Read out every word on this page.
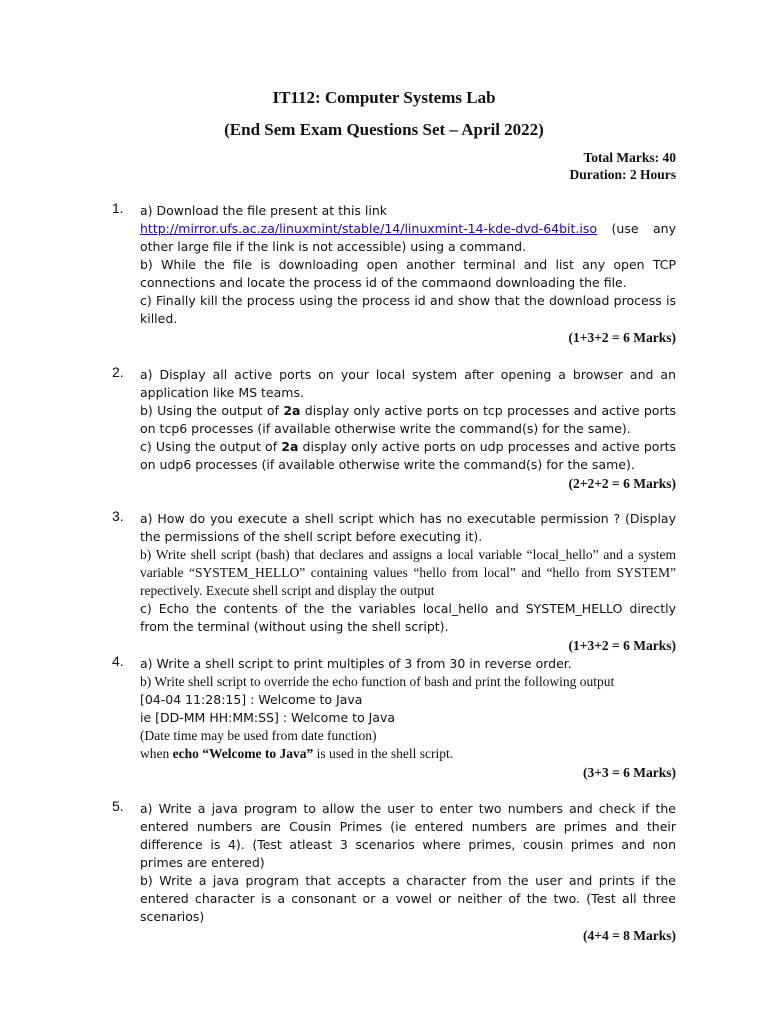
IT112: Computer Systems Lab
(End Sem Exam Questions Set – April 2022)
Total Marks: 40
Duration: 2 Hours
1. a) Download the file present at this link
http://mirror.ufs.ac.za/linuxmint/stable/14/linuxmint-14-kde-dvd-64bit.iso (use any other large file if the link is not accessible) using a command.

b) While the file is downloading open another terminal and list any open TCP connections and locate the process id of the commaond downloading the file.

c) Finally kill the process using the process id and show that the download process is killed.

(1+3+2 = 6 Marks)
2. a) Display all active ports on your local system after opening a browser and an application like MS teams.

b) Using the output of 2a display only active ports on tcp processes and active ports on tcp6 processes (if available otherwise write the command(s) for the same).

c) Using the output of 2a display only active ports on udp processes and active ports on udp6 processes (if available otherwise write the command(s) for the same).

(2+2+2 = 6 Marks)
3. a) How do you execute a shell script which has no executable permission ? (Display the permissions of the shell script before executing it).

b) Write shell script (bash) that declares and assigns a local variable “local_hello” and a system variable “SYSTEM_HELLO” containing values “hello from local” and “hello from SYSTEM” repectively. Execute shell script and display the output

c) Echo the contents of the the variables local_hello and SYSTEM_HELLO directly from the terminal (without using the shell script).

(1+3+2 = 6 Marks)
4. a) Write a shell script to print multiples of 3 from 30 in reverse order.

b) Write shell script to override the echo function of bash and print the following output

[04-04 11:28:15] : Welcome to Java

ie [DD-MM HH:MM:SS] : Welcome to Java

(Date time may be used from date function)

when echo “Welcome to Java” is used in the shell script.

(3+3 = 6 Marks)
5. a) Write a java program to allow the user to enter two numbers and check if the entered numbers are Cousin Primes (ie entered numbers are primes and their difference is 4). (Test atleast 3 scenarios where primes, cousin primes and non primes are entered)

b) Write a java program that accepts a character from the user and prints if the entered character is a consonant or a vowel or neither of the two. (Test all three scenarios)

(4+4 = 8 Marks)
